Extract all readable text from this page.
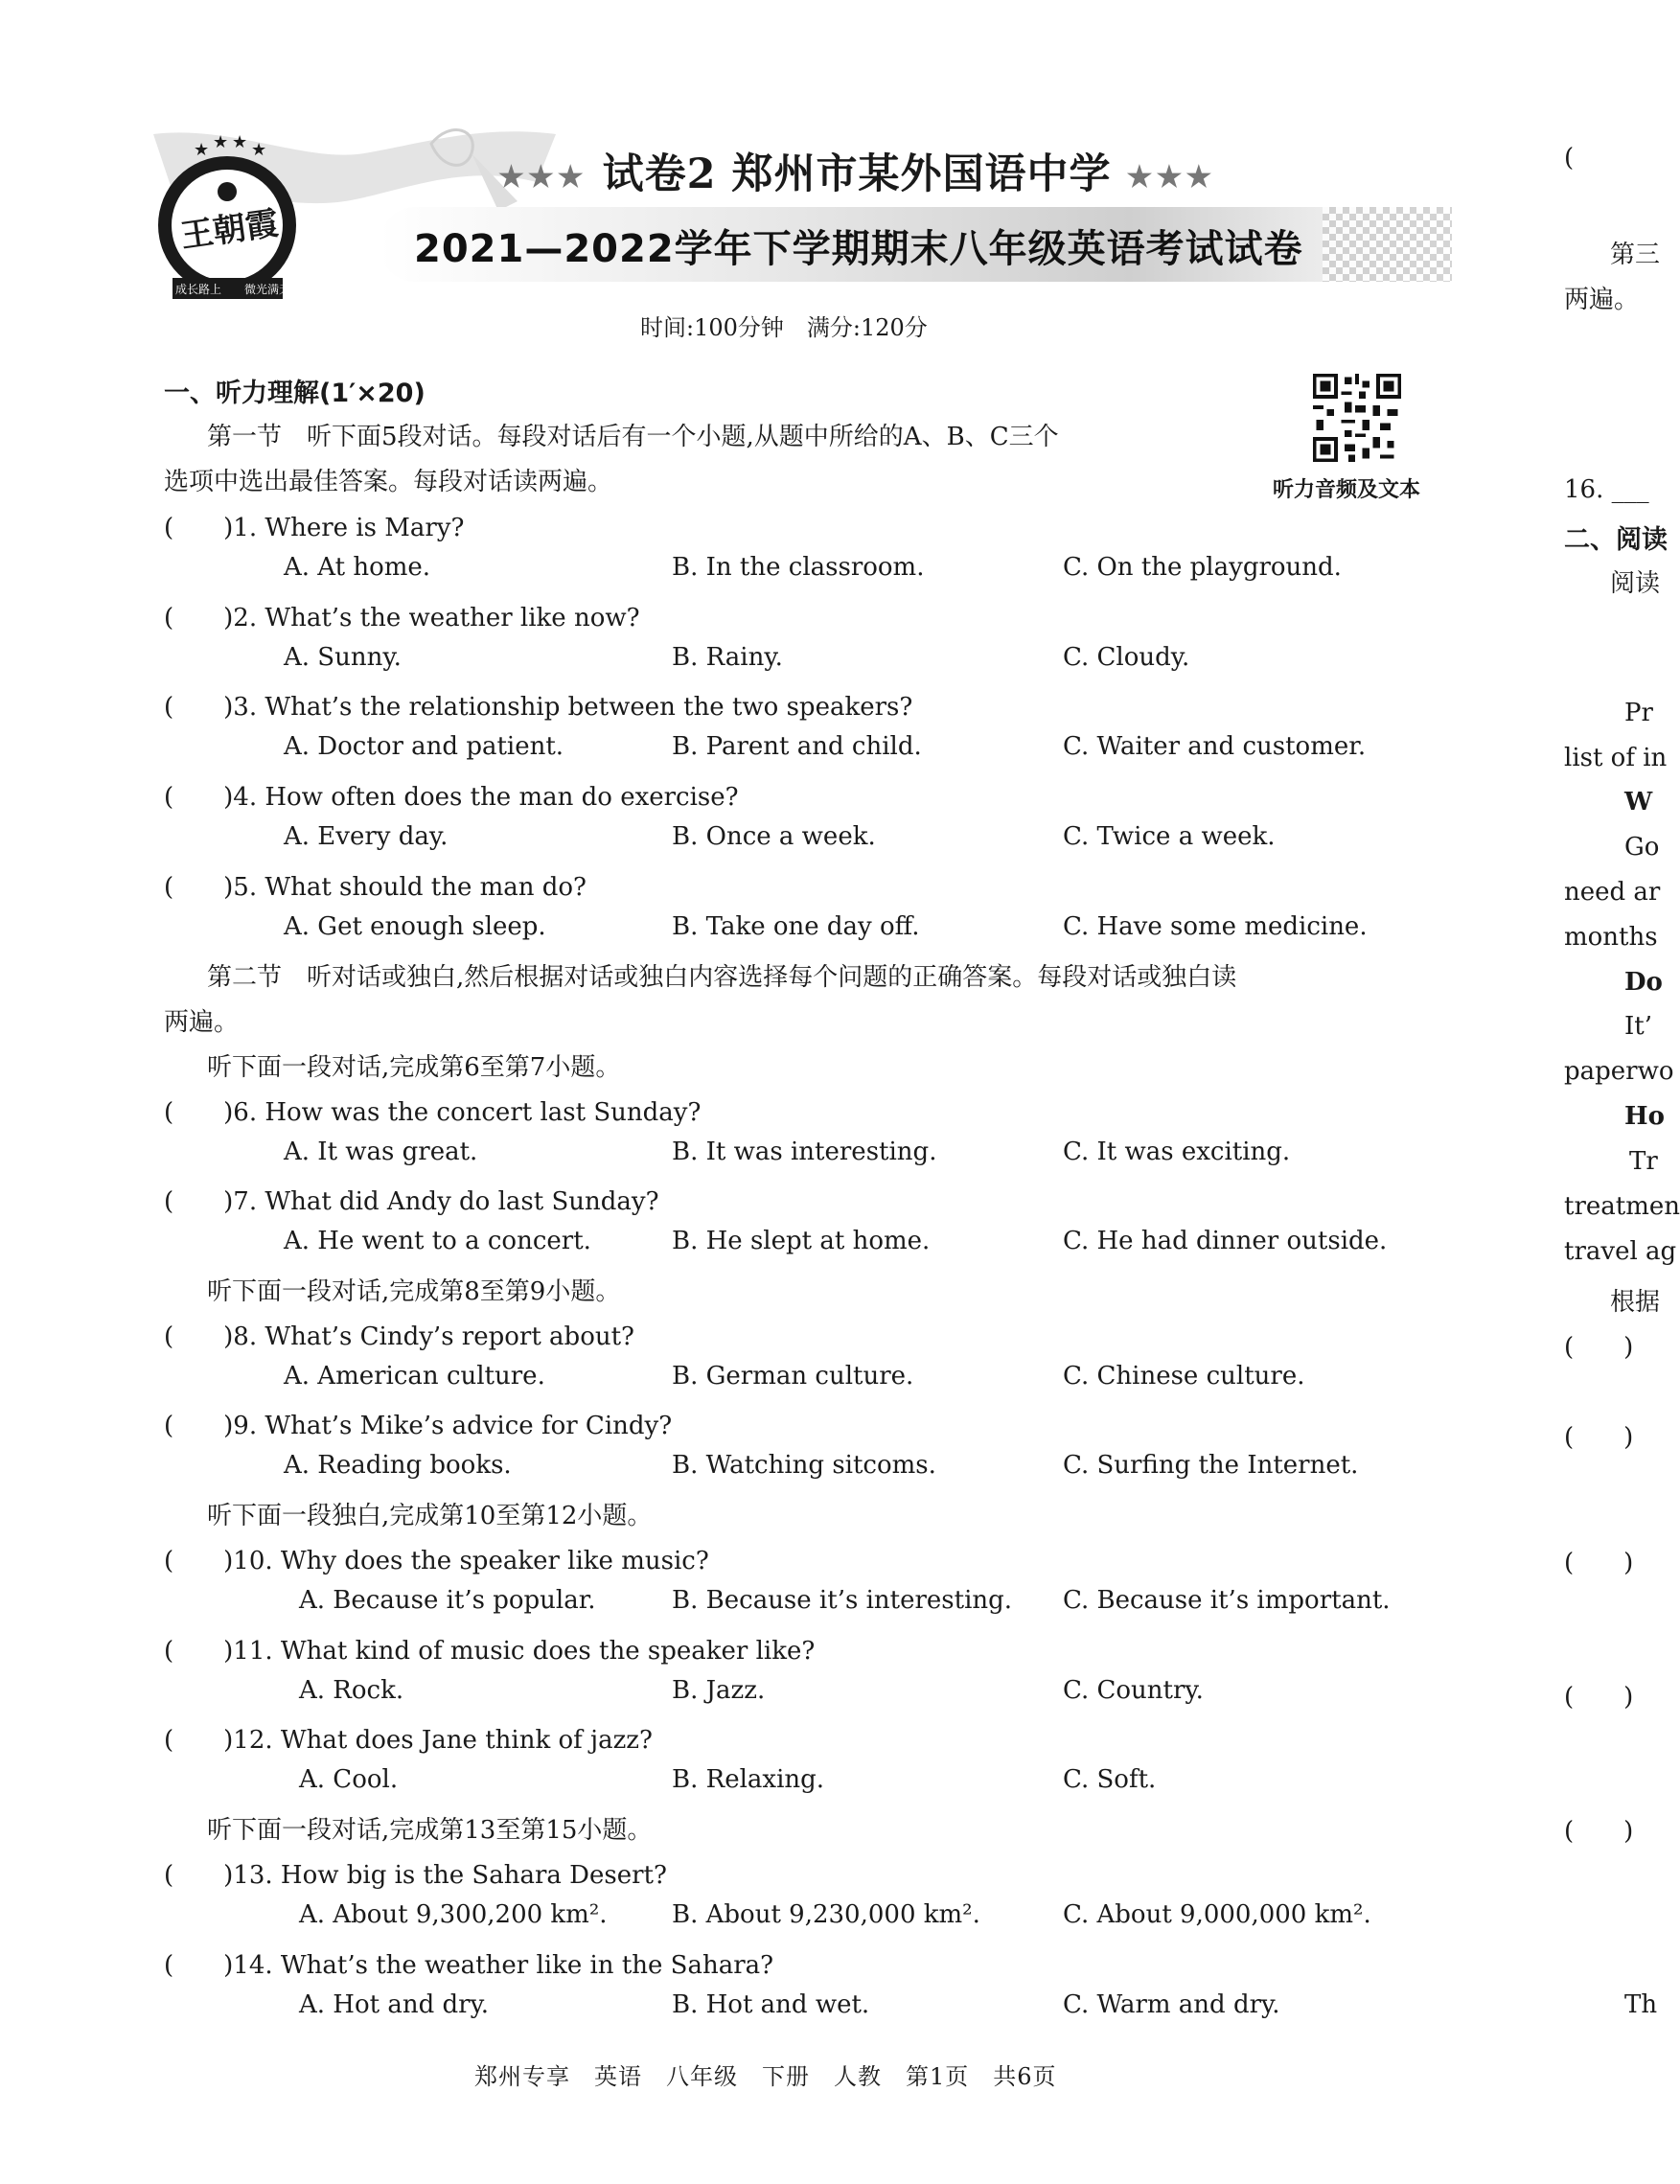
★ ★ ★ ★
王朝霞
成长路上 微光满天
★★★ 试卷2 郑州市某外国语中学 ★★★
2021—2022学年下学期期末八年级英语考试试卷
时间:100分钟　满分:120分
听力音频及文本
一、听力理解(1′×20)
第一节　听下面5段对话。每段对话后有一个小题,从题中所给的A、B、C三个
选项中选出最佳答案。每段对话读两遍。
(　　)1. Where is Mary?
A. At home.	B. In the classroom.	C. On the playground.
(　　)2. What’s the weather like now?
A. Sunny.	B. Rainy.	C. Cloudy.
(　　)3. What’s the relationship between the two speakers?
A. Doctor and patient.	B. Parent and child.	C. Waiter and customer.
(　　)4. How often does the man do exercise?
A. Every day.	B. Once a week.	C. Twice a week.
(　　)5. What should the man do?
A. Get enough sleep.	B. Take one day off.	C. Have some medicine.
(　　)6. How was the concert last Sunday?
A. It was great.	B. It was interesting.	C. It was exciting.
(　　)7. What did Andy do last Sunday?
A. He went to a concert.	B. He slept at home.	C. He had dinner outside.
(　　)8. What’s Cindy’s report about?
A. American culture.	B. German culture.	C. Chinese culture.
(　　)9. What’s Mike’s advice for Cindy?
A. Reading books.	B. Watching sitcoms.	C. Surfing the Internet.
(　　)10. Why does the speaker like music?
A. Because it’s popular.	B. Because it’s interesting. C. Because it’s important.
(　　)11. What kind of music does the speaker like?
A. Rock.	B. Jazz.	C. Country.
(　　)12. What does Jane think of jazz?
A. Cool.	B. Relaxing.	C. Soft.
(　　)13. How big is the Sahara Desert?
A. About 9,300,200 km².	B. About 9,230,000 km².	C. About 9,000,000 km².
(　　)14. What’s the weather like in the Sahara?
A. Hot and dry.	B. Hot and wet.	C. Warm and dry.
第二节　听对话或独白,然后根据对话或独白内容选择每个问题的正确答案。每段对话或独白读
两遍。
听下面一段对话,完成第6至第7小题。
听下面一段对话,完成第8至第9小题。
听下面一段独白,完成第10至第12小题。
听下面一段对话,完成第13至第15小题。
(
第三
两遍。
16. ___
二、阅读
阅读
Pr
list of in
W
Go
need ar
months
Do
It’
paperwo
Ho
Tr
treatmen
travel ag
根据
(　　)
(　　)
(　　)
(　　)
(　　)
Th
郑州专享　英语　八年级　下册　人教　第1页　共6页
